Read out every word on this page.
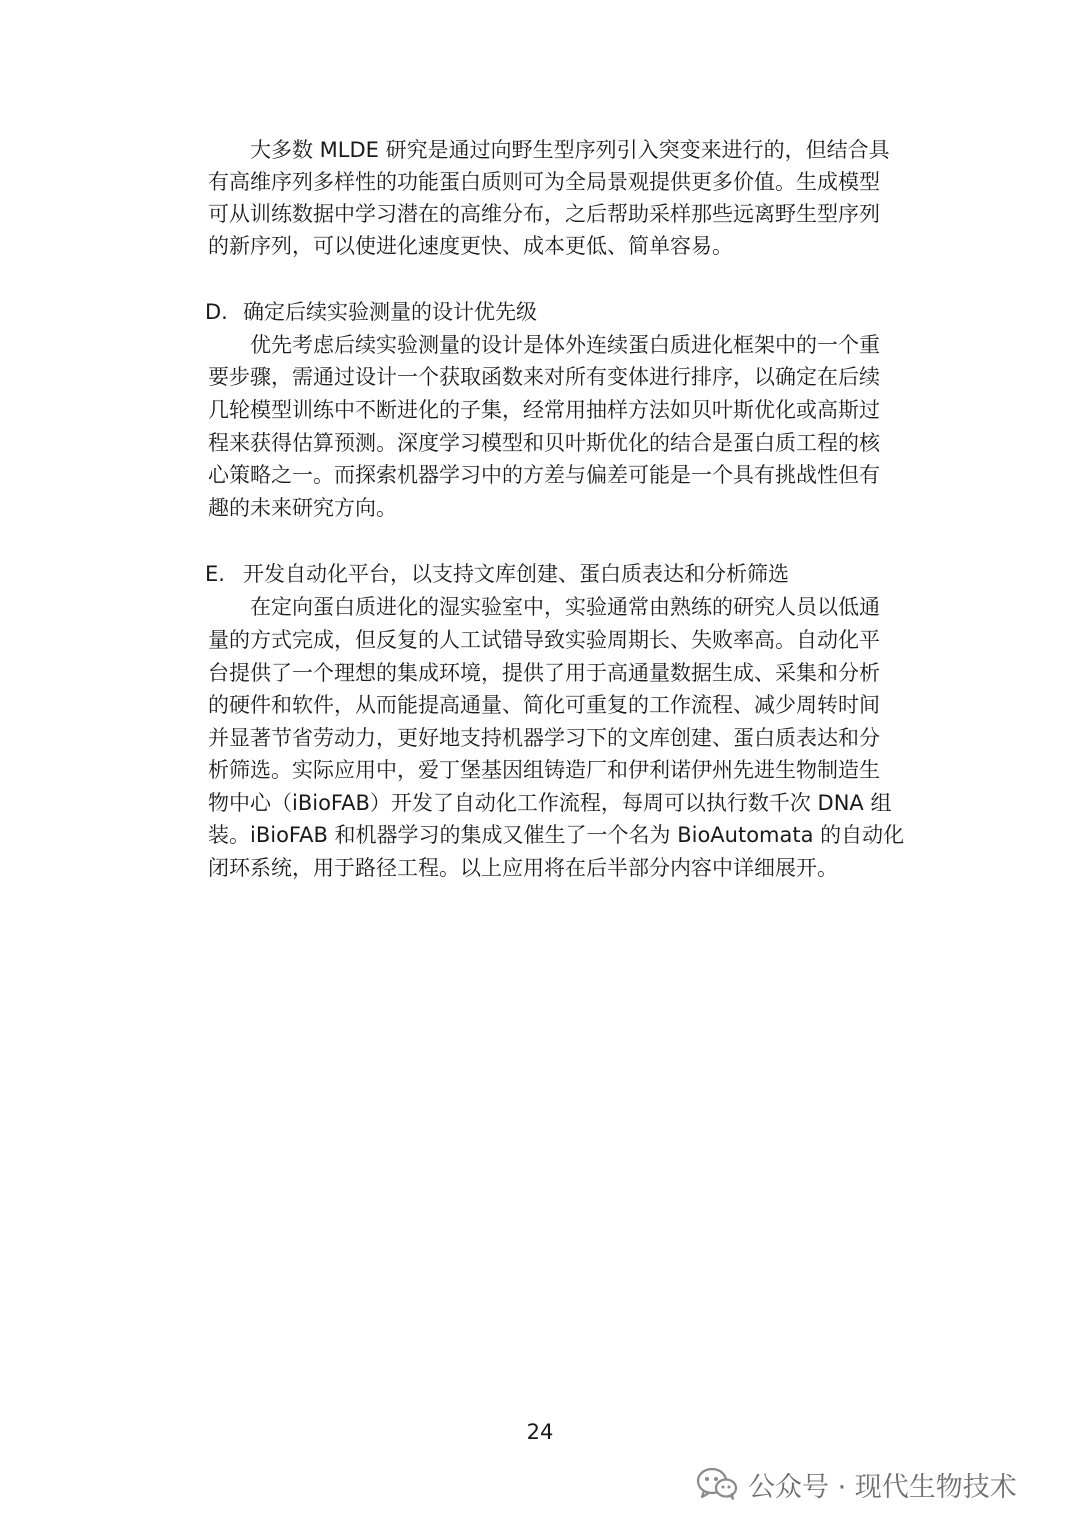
大多数 MLDE 研究是通过向野生型序列引入突变来进行的，但结合具
有高维序列多样性的功能蛋白质则可为全局景观提供更多价值。生成模型
可从训练数据中学习潜在的高维分布，之后帮助采样那些远离野生型序列
的新序列，可以使进化速度更快、成本更低、简单容易。
D. 确定后续实验测量的设计优先级
优先考虑后续实验测量的设计是体外连续蛋白质进化框架中的一个重
要步骤，需通过设计一个获取函数来对所有变体进行排序，以确定在后续
几轮模型训练中不断进化的子集，经常用抽样方法如贝叶斯优化或高斯过
程来获得估算预测。深度学习模型和贝叶斯优化的结合是蛋白质工程的核
心策略之一。而探索机器学习中的方差与偏差可能是一个具有挑战性但有
趣的未来研究方向。
E. 开发自动化平台，以支持文库创建、蛋白质表达和分析筛选
在定向蛋白质进化的湿实验室中，实验通常由熟练的研究人员以低通
量的方式完成，但反复的人工试错导致实验周期长、失败率高。自动化平
台提供了一个理想的集成环境，提供了用于高通量数据生成、采集和分析
的硬件和软件，从而能提高通量、简化可重复的工作流程、减少周转时间
并显著节省劳动力，更好地支持机器学习下的文库创建、蛋白质表达和分
析筛选。实际应用中，爱丁堡基因组铸造厂和伊利诺伊州先进生物制造生
物中心（iBioFAB）开发了自动化工作流程，每周可以执行数千次 DNA 组
装。iBioFAB 和机器学习的集成又催生了一个名为 BioAutomata 的自动化
闭环系统，用于路径工程。以上应用将在后半部分内容中详细展开。
24
公众号 · 现代生物技术
